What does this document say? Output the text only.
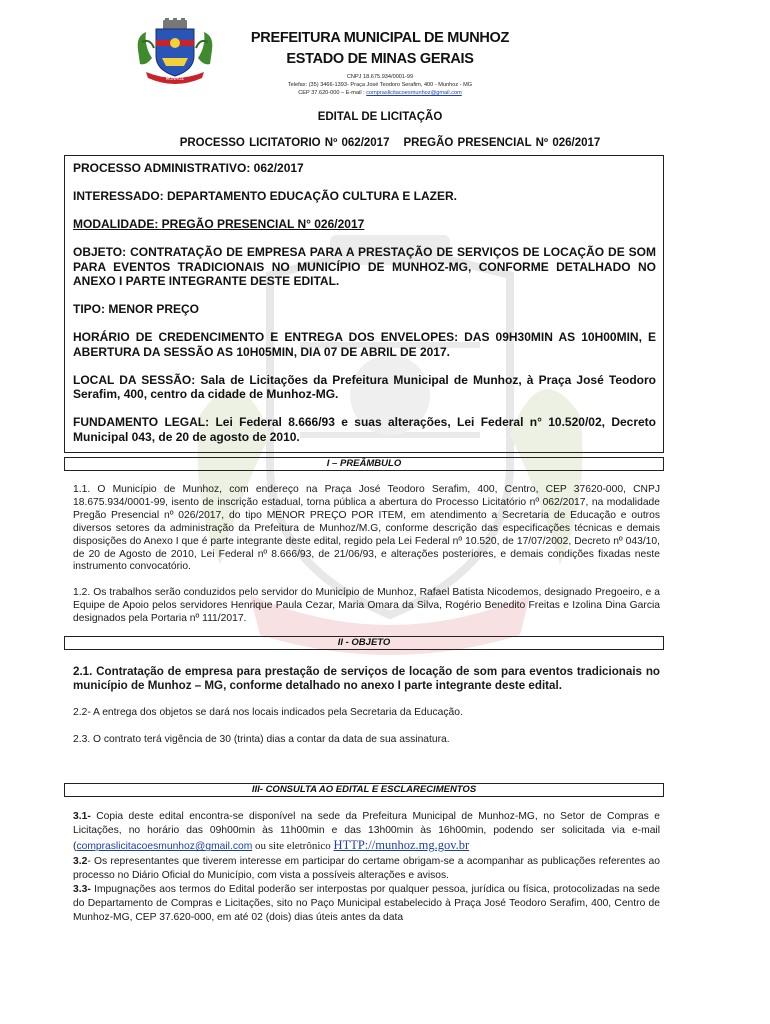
MUNHOZ
PREFEITURA MUNICIPAL DE MUNHOZ
ESTADO DE MINAS GERAIS
CNPJ 18.675.934/0001-99
Telefax: (35) 3466-1393- Praça José Teodoro Serafim, 400 - Munhoz - MG
CEP 37.620-000 – E-mail : compraslicitacoesmunhoz@gmail.com
EDITAL DE LICITAÇÃO
PROCESSO LICITATORIO Nº 062/2017 PREGÃO PRESENCIAL Nº 026/2017

PROCESSO ADMINISTRATIVO: 062/2017

INTERESSADO: DEPARTAMENTO EDUCAÇÃO CULTURA E LAZER.

MODALIDADE: PREGÃO PRESENCIAL N° 026/2017

OBJETO: CONTRATAÇÃO DE EMPRESA PARA A PRESTAÇÃO DE SERVIÇOS DE LOCAÇÃO DE SOM PARA EVENTOS TRADICIONAIS NO MUNICÍPIO DE MUNHOZ-MG, CONFORME DETALHADO NO ANEXO I PARTE INTEGRANTE DESTE EDITAL.

TIPO: MENOR PREÇO

HORÁRIO DE CREDENCIMENTO E ENTREGA DOS ENVELOPES: DAS 09H30MIN AS 10H00MIN, E ABERTURA DA SESSÃO AS 10H05MIN, DIA 07 DE ABRIL DE 2017.

LOCAL DA SESSÃO: Sala de Licitações da Prefeitura Municipal de Munhoz, à Praça José Teodoro Serafim, 400, centro da cidade de Munhoz-MG.

FUNDAMENTO LEGAL: Lei Federal 8.666/93 e suas alterações, Lei Federal n° 10.520/02, Decreto Municipal 043, de 20 de agosto de 2010.

I – PREÂMBULO

1.1. O Município de Munhoz, com endereço na Praça José Teodoro Serafim, 400, Centro, CEP 37620-000, CNPJ 18.675.934/0001-99, isento de inscrição estadual, torna pública a abertura do Processo Licitatório nº 062/2017, na modalidade Pregão Presencial nº 026/2017, do tipo MENOR PREÇO POR ITEM, em atendimento a Secretaria de Educação e outros diversos setores da administração da Prefeitura de Munhoz/M.G, conforme descrição das especificações técnicas e demais disposições do Anexo I que é parte integrante deste edital, regido pela Lei Federal nº 10.520, de 17/07/2002, Decreto nº 043/10, de 20 de Agosto de 2010, Lei Federal nº 8.666/93, de 21/06/93, e alterações posteriores, e demais condições fixadas neste instrumento convocatório.

1.2. Os trabalhos serão conduzidos pelo servidor do Município de Munhoz, Rafael Batista Nicodemos, designado Pregoeiro, e a Equipe de Apoio pelos servidores Henrique Paula Cezar, Maria Omara da Silva, Rogério Benedito Freitas e Izolina Dina Garcia designados pela Portaria nº 111/2017.

II - OBJETO

2.1. Contratação de empresa para prestação de serviços de locação de som para eventos tradicionais no município de Munhoz – MG, conforme detalhado no anexo I parte integrante deste edital.

2.2- A entrega dos objetos se dará nos locais indicados pela Secretaria da Educação.

2.3. O contrato terá vigência de 30 (trinta) dias a contar da data de sua assinatura.

III- CONSULTA AO EDITAL E ESCLARECIMENTOS

3.1- Copia deste edital encontra-se disponível na sede da Prefeitura Municipal de Munhoz-MG, no Setor de Compras e Licitações, no horário das 09h00min às 11h00min e das 13h00min às 16h00min, podendo ser solicitada via e-mail (compraslicitacoesmunhoz@gmail.com ou site eletrônico HTTP://munhoz.mg.gov.br

3.2- Os representantes que tiverem interesse em participar do certame obrigam-se a acompanhar as publicações referentes ao processo no Diário Oficial do Município, com vista a possíveis alterações e avisos.

3.3- Impugnações aos termos do Edital poderão ser interpostas por qualquer pessoa, jurídica ou física, protocolizadas na sede do Departamento de Compras e Licitações, sito no Paço Municipal estabelecido à Praça José Teodoro Serafim, 400, Centro de Munhoz-MG, CEP 37.620-000, em até 02 (dois) dias úteis antes da data
